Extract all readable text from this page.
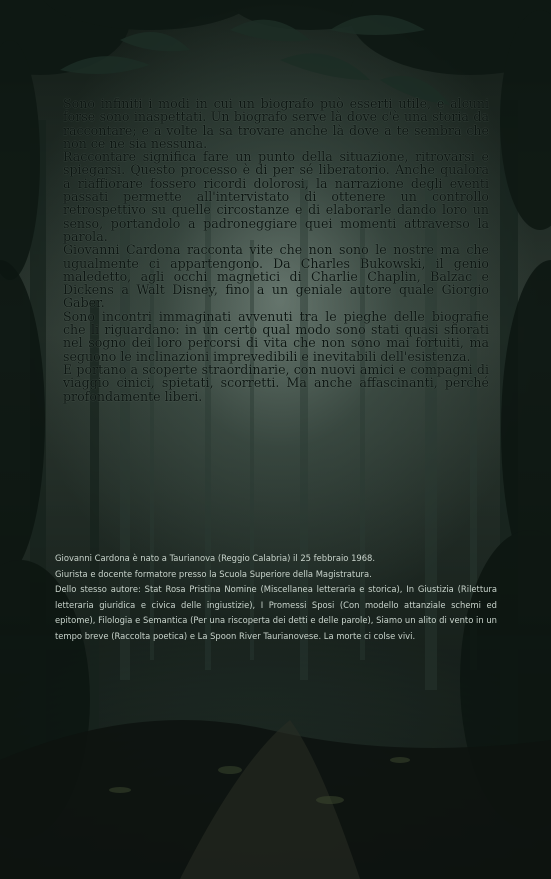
Sono infiniti i modi in cui un biografo può esserti utile, e alcuni forse sono inaspettati. Un biografo serve là dove c'è una storia da raccontare; e a volte la sa trovare anche là dove a te sembra che non ce ne sia nessuna.

Raccontare significa fare un punto della situazione, ritrovarsi e spiegarsi. Questo processo è di per sé liberatorio. Anche qualora a riaffiorare fossero ricordi dolorosi, la narrazione degli eventi passati permette all'intervistato di ottenere un controllo retrospettivo su quelle circostanze e di elaborarle dando loro un senso, portandolo a padroneggiare quei momenti attraverso la parola.

Giovanni Cardona racconta vite che non sono le nostre ma che ugualmente ci appartengono. Da Charles Bukowski, il genio maledetto, agli occhi magnetici di Charlie Chaplin, Balzac e Dickens a Walt Disney, fino a un geniale autore quale Giorgio Gaber.

Sono incontri immaginati avvenuti tra le pieghe delle biografie che li riguardano: in un certo qual modo sono stati quasi sfiorati nel sogno dei loro percorsi di vita che non sono mai fortuiti, ma seguono le inclinazioni imprevedibili e inevitabili dell'esistenza.

E portano a scoperte straordinarie, con nuovi amici e compagni di viaggio cinici, spietati, scorretti. Ma anche affascinanti, perché profondamente liberi.

Giovanni Cardona è nato a Taurianova (Reggio Calabria) il 25 febbraio 1968.

Giurista e docente formatore presso la Scuola Superiore della Magistratura.

Dello stesso autore: Stat Rosa Pristina Nomine (Miscellanea letteraria e storica), In Giustizia (Rilettura letteraria giuridica e civica delle ingiustizie), I Promessi Sposi (Con modello attanziale schemi ed epitome), Filologia e Semantica (Per una riscoperta dei detti e delle parole), Siamo un alito di vento in un tempo breve (Raccolta poetica) e La Spoon River Taurianovese. La morte ci colse vivi.
